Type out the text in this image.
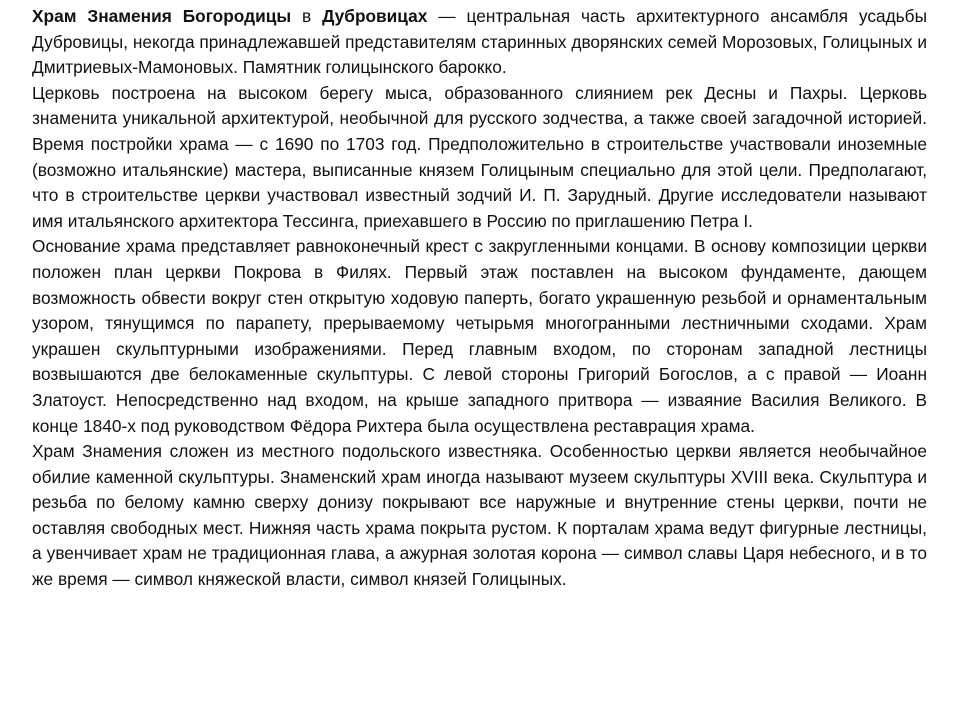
Храм Знамения Богородицы в Дубровицах — центральная часть архитектурного ансамбля усадьбы Дубровицы, некогда принадлежавшей представителям старинных дворянских семей Морозовых, Голицыных и Дмитриевых-Мамоновых. Памятник голицынского барокко.

Церковь построена на высоком берегу мыса, образованного слиянием рек Десны и Пахры. Церковь знаменита уникальной архитектурой, необычной для русского зодчества, а также своей загадочной историей. Время постройки храма — с 1690 по 1703 год. Предположительно в строительстве участвовали иноземные (возможно итальянские) мастера, выписанные князем Голицыным специально для этой цели. Предполагают, что в строительстве церкви участвовал известный зодчий И. П. Зарудный. Другие исследователи называют имя итальянского архитектора Тессинга, приехавшего в Россию по приглашению Петра I.

Основание храма представляет равноконечный крест с закругленными концами. В основу композиции церкви положен план церкви Покрова в Филях. Первый этаж поставлен на высоком фундаменте, дающем возможность обвести вокруг стен открытую ходовую паперть, богато украшенную резьбой и орнаментальным узором, тянущимся по парапету, прерываемому четырьмя многогранными лестничными сходами. Храм украшен скульптурными изображениями. Перед главным входом, по сторонам западной лестницы возвышаются две белокаменные скульптуры. С левой стороны Григорий Богослов, а с правой — Иоанн Златоуст. Непосредственно над входом, на крыше западного притвора — изваяние Василия Великого. В конце 1840-х под руководством Фёдора Рихтера была осуществлена реставрация храма.

Храм Знамения сложен из местного подольского известняка. Особенностью церкви является необычайное обилие каменной скульптуры. Знаменский храм иногда называют музеем скульптуры XVIII века. Скульптура и резьба по белому камню сверху донизу покрывают все наружные и внутренние стены церкви, почти не оставляя свободных мест. Нижняя часть храма покрыта рустом. К порталам храма ведут фигурные лестницы, а увенчивает храм не традиционная глава, а ажурная золотая корона — символ славы Царя небесного, и в то же время — символ княжеской власти, символ князей Голицыных.
